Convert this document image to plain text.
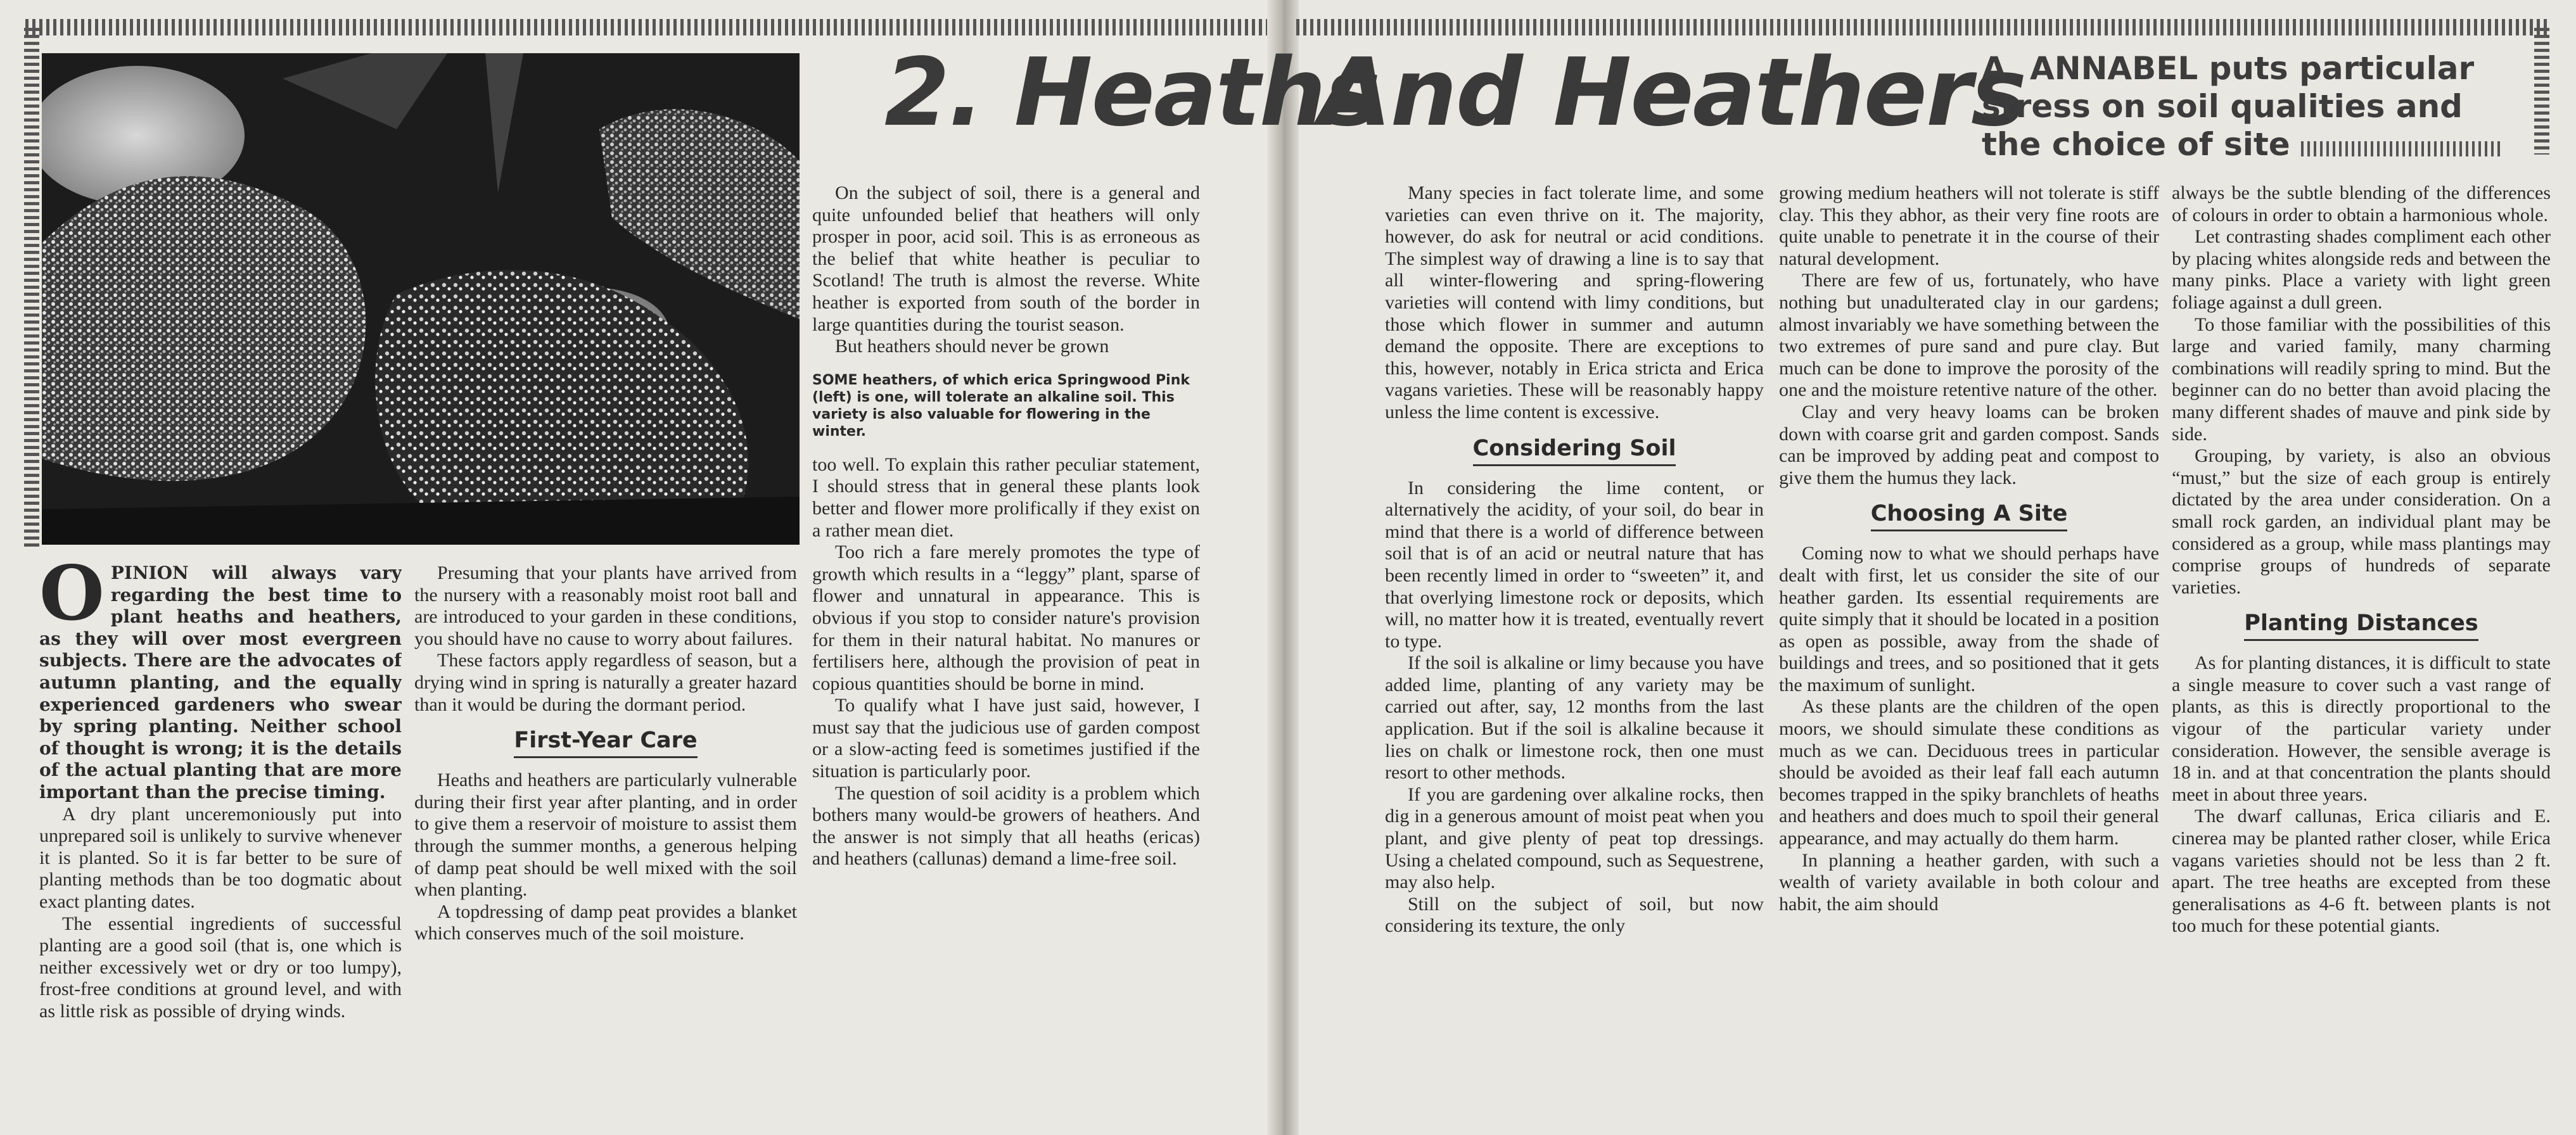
2. Heaths
And Heathers
A. ANNABEL puts particular stress on soil qualities and the choice of site
OPINION will always vary regarding the best time to plant heaths and heathers, as they will over most evergreen subjects. There are the advocates of autumn planting, and the equally experienced gardeners who swear by spring planting. Neither school of thought is wrong; it is the details of the actual planting that are more important than the precise timing.

A dry plant unceremoniously put into unprepared soil is unlikely to survive whenever it is planted. So it is far better to be sure of planting methods than be too dogmatic about exact planting dates.

The essential ingredients of successful planting are a good soil (that is, one which is neither excessively wet or dry or too lumpy), frost-free conditions at ground level, and with as little risk as possible of drying winds.

Presuming that your plants have arrived from the nursery with a reasonably moist root ball and are introduced to your garden in these conditions, you should have no cause to worry about failures.

These factors apply regardless of season, but a drying wind in spring is naturally a greater hazard than it would be during the dormant period.

First-Year Care

Heaths and heathers are particularly vulnerable during their first year after planting, and in order to give them a reservoir of moisture to assist them through the summer months, a generous helping of damp peat should be well mixed with the soil when planting.

A topdressing of damp peat provides a blanket which conserves much of the soil moisture.

On the subject of soil, there is a general and quite unfounded belief that heathers will only prosper in poor, acid soil. This is as erroneous as the belief that white heather is peculiar to Scotland! The truth is almost the reverse. White heather is exported from south of the border in large quantities during the tourist season.

But heathers should never be grown

SOME heathers, of which erica Springwood Pink (left) is one, will tolerate an alkaline soil. This variety is also valuable for flowering in the winter.

too well. To explain this rather peculiar statement, I should stress that in general these plants look better and flower more prolifically if they exist on a rather mean diet.

Too rich a fare merely promotes the type of growth which results in a “leggy” plant, sparse of flower and unnatural in appearance. This is obvious if you stop to consider nature's provision for them in their natural habitat. No manures or fertilisers here, although the provision of peat in copious quantities should be borne in mind.

To qualify what I have just said, however, I must say that the judicious use of garden compost or a slow-acting feed is sometimes justified if the situation is particularly poor.

The question of soil acidity is a problem which bothers many would-be growers of heathers. And the answer is not simply that all heaths (ericas) and heathers (callunas) demand a lime-free soil.

Many species in fact tolerate lime, and some varieties can even thrive on it. The majority, however, do ask for neutral or acid conditions. The simplest way of drawing a line is to say that all winter-flowering and spring-flowering varieties will contend with limy conditions, but those which flower in summer and autumn demand the opposite. There are exceptions to this, however, notably in Erica stricta and Erica vagans varieties. These will be reasonably happy unless the lime content is excessive.

Considering Soil

In considering the lime content, or alternatively the acidity, of your soil, do bear in mind that there is a world of difference between soil that is of an acid or neutral nature that has been recently limed in order to “sweeten” it, and that overlying limestone rock or deposits, which will, no matter how it is treated, eventually revert to type.

If the soil is alkaline or limy because you have added lime, planting of any variety may be carried out after, say, 12 months from the last application. But if the soil is alkaline because it lies on chalk or limestone rock, then one must resort to other methods.

If you are gardening over alkaline rocks, then dig in a generous amount of moist peat when you plant, and give plenty of peat top dressings. Using a chelated compound, such as Sequestrene, may also help.

Still on the subject of soil, but now considering its texture, the only

growing medium heathers will not tolerate is stiff clay. This they abhor, as their very fine roots are quite unable to penetrate it in the course of their natural development.

There are few of us, fortunately, who have nothing but unadulterated clay in our gardens; almost invariably we have something between the two extremes of pure sand and pure clay. But much can be done to improve the porosity of the one and the moisture retentive nature of the other.

Clay and very heavy loams can be broken down with coarse grit and garden compost. Sands can be improved by adding peat and compost to give them the humus they lack.

Choosing A Site

Coming now to what we should perhaps have dealt with first, let us consider the site of our heather garden. Its essential requirements are quite simply that it should be located in a position as open as possible, away from the shade of buildings and trees, and so positioned that it gets the maximum of sunlight.

As these plants are the children of the open moors, we should simulate these conditions as much as we can. Deciduous trees in particular should be avoided as their leaf fall each autumn becomes trapped in the spiky branchlets of heaths and heathers and does much to spoil their general appearance, and may actually do them harm.

In planning a heather garden, with such a wealth of variety available in both colour and habit, the aim should

always be the subtle blending of the differences of colours in order to obtain a harmonious whole.

Let contrasting shades compliment each other by placing whites alongside reds and between the many pinks. Place a variety with light green foliage against a dull green.

To those familiar with the possibilities of this large and varied family, many charming combinations will readily spring to mind. But the beginner can do no better than avoid placing the many different shades of mauve and pink side by side.

Grouping, by variety, is also an obvious “must,” but the size of each group is entirely dictated by the area under consideration. On a small rock garden, an individual plant may be considered as a group, while mass plantings may comprise groups of hundreds of separate varieties.

Planting Distances

As for planting distances, it is difficult to state a single measure to cover such a vast range of plants, as this is directly proportional to the vigour of the particular variety under consideration. However, the sensible average is 18 in. and at that concentration the plants should meet in about three years.

The dwarf callunas, Erica ciliaris and E. cinerea may be planted rather closer, while Erica vagans varieties should not be less than 2 ft. apart. The tree heaths are excepted from these generalisations as 4-6 ft. between plants is not too much for these potential giants.
